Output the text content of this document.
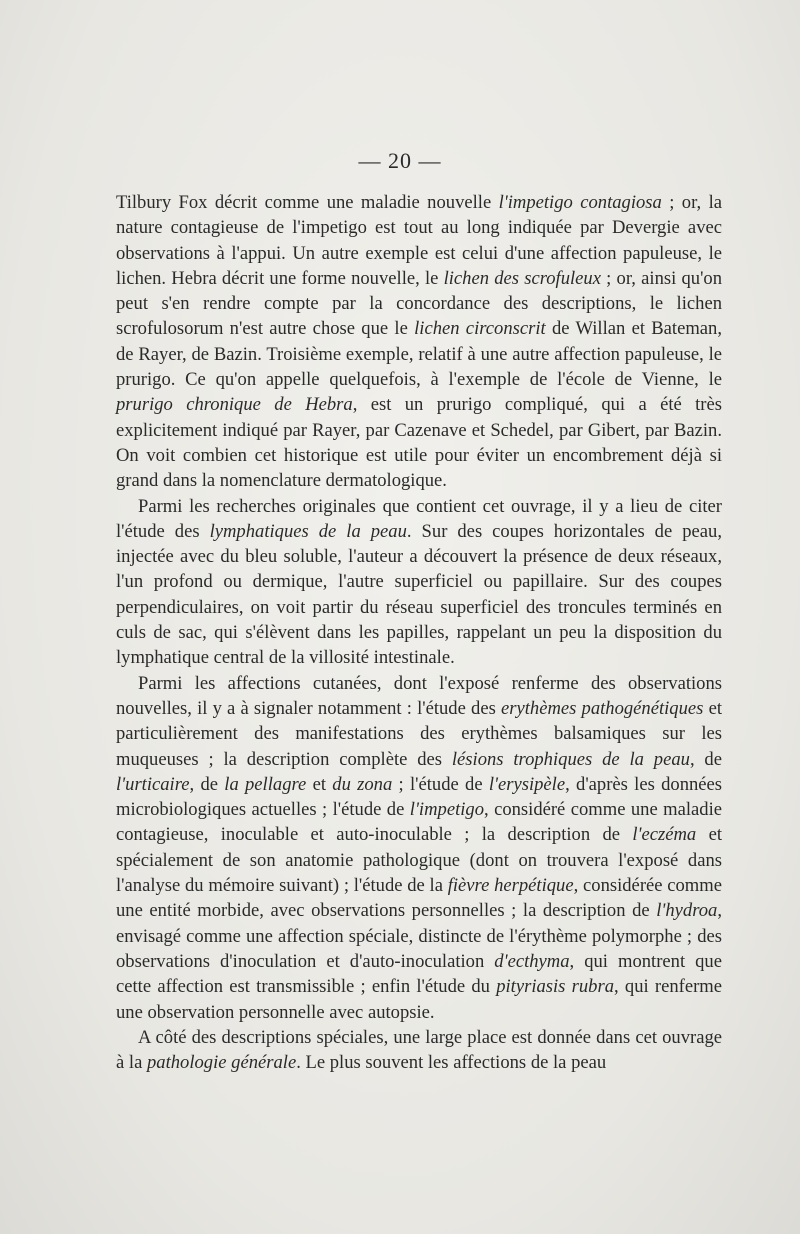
— 20 —

Tilbury Fox décrit comme une maladie nouvelle l'impetigo contagiosa ; or, la nature contagieuse de l'impetigo est tout au long indiquée par Devergie avec observations à l'appui. Un autre exemple est celui d'une affection papuleuse, le lichen. Hebra décrit une forme nouvelle, le lichen des scrofuleux ; or, ainsi qu'on peut s'en rendre compte par la concordance des descriptions, le lichen scrofulosorum n'est autre chose que le lichen circonscrit de Willan et Bateman, de Rayer, de Bazin. Troisième exemple, relatif à une autre affection papuleuse, le prurigo. Ce qu'on appelle quelquefois, à l'exemple de l'école de Vienne, le prurigo chronique de Hebra, est un prurigo compliqué, qui a été très explicitement indiqué par Rayer, par Cazenave et Schedel, par Gibert, par Bazin. On voit combien cet historique est utile pour éviter un encombrement déjà si grand dans la nomenclature dermatologique.

Parmi les recherches originales que contient cet ouvrage, il y a lieu de citer l'étude des lymphatiques de la peau. Sur des coupes horizontales de peau, injectée avec du bleu soluble, l'auteur a découvert la présence de deux réseaux, l'un profond ou dermique, l'autre superficiel ou papillaire. Sur des coupes perpendiculaires, on voit partir du réseau superficiel des troncules terminés en culs de sac, qui s'élèvent dans les papilles, rappelant un peu la disposition du lymphatique central de la villosité intestinale.

Parmi les affections cutanées, dont l'exposé renferme des observations nouvelles, il y a à signaler notamment : l'étude des erythèmes pathogénétiques et particulièrement des manifestations des erythèmes balsamiques sur les muqueuses ; la description complète des lésions trophiques de la peau, de l'urticaire, de la pellagre et du zona ; l'étude de l'erysipèle, d'après les données microbiologiques actuelles ; l'étude de l'impetigo, considéré comme une maladie contagieuse, inoculable et auto-inoculable ; la description de l'eczéma et spécialement de son anatomie pathologique (dont on trouvera l'exposé dans l'analyse du mémoire suivant) ; l'étude de la fièvre herpétique, considérée comme une entité morbide, avec observations personnelles ; la description de l'hydroa, envisagé comme une affection spéciale, distincte de l'érythème polymorphe ; des observations d'inoculation et d'auto-inoculation d'ecthyma, qui montrent que cette affection est transmissible ; enfin l'étude du pityriasis rubra, qui renferme une observation personnelle avec autopsie.

A côté des descriptions spéciales, une large place est donnée dans cet ouvrage à la pathologie générale. Le plus souvent les affections de la peau
